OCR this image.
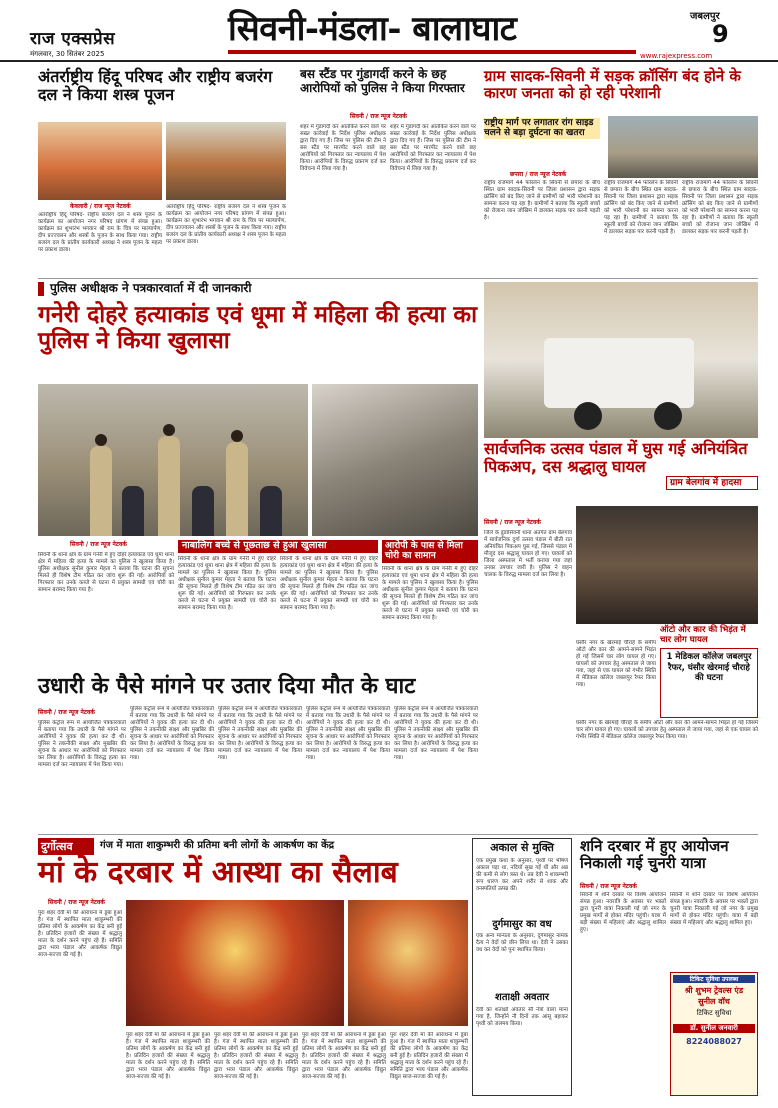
राज एक्सप्रेस
मंगलवार, 30 सितंबर 2025
सिवनी-मंडला- बालाघाट	जबलपुर
9
www.rajexpress.com
अंतर्राष्ट्रीय हिंदू परिषद और राष्ट्रीय बजरंग दल ने किया शस्त्र पूजन
केवलारी / राज न्यूज नेटवर्क
अंतर्राष्ट्रीय हिंदू परिषद- राष्ट्रीय बजरंग दल ने शस्त्र पूजन के कार्यक्रम का आयोजन नगर परिषद प्रांगण में संपन्न हुआ। कार्यक्रम का शुभारंभ भगवान श्री राम के चित्र पर माल्यार्पण, दीप प्रज्ज्वलन और शस्त्रों के पूजन के साथ किया गया। राष्ट्रीय बजरंग दल के प्रांतीय कार्यकारी अध्यक्ष ने शस्त्र पूजन के महत्व पर प्रकाश डाला।
अंतर्राष्ट्रीय हिंदू परिषद- राष्ट्रीय बजरंग दल ने शस्त्र पूजन के कार्यक्रम का आयोजन नगर परिषद प्रांगण में संपन्न हुआ। कार्यक्रम का शुभारंभ भगवान श्री राम के चित्र पर माल्यार्पण, दीप प्रज्ज्वलन और शस्त्रों के पूजन के साथ किया गया। राष्ट्रीय बजरंग दल के प्रांतीय कार्यकारी अध्यक्ष ने शस्त्र पूजन के महत्व पर प्रकाश डाला।
बस स्टैंड पर गुंडागर्दी करने के छह आरोपियों को पुलिस ने किया गिरफ्तार
सिवनी / राज न्यूज नेटवर्क
शहर में गुंडागर्दी कर आतंकित करने वाले पर सख्त कार्रवाई के निर्देश पुलिस अधीक्षक द्वारा दिए गए हैं। जिस पर पुलिस की टीम ने बस स्टैंड पर मारपीट करने वाले छह आरोपियों को गिरफ्तार कर न्यायालय में पेश किया। आरोपियों के विरुद्ध प्रकरण दर्ज कर विवेचना में लिया गया है।
शहर में गुंडागर्दी कर आतंकित करने वाले पर सख्त कार्रवाई के निर्देश पुलिस अधीक्षक द्वारा दिए गए हैं। जिस पर पुलिस की टीम ने बस स्टैंड पर मारपीट करने वाले छह आरोपियों को गिरफ्तार कर न्यायालय में पेश किया। आरोपियों के विरुद्ध प्रकरण दर्ज कर विवेचना में लिया गया है।
ग्राम सादक-सिवनी में सड़क क्रॉसिंग बंद होने के कारण जनता को हो रही परेशानी
राष्ट्रीय मार्ग पर लगातार रांग साइड चलने से बड़ा दुर्घटना का खतरा
छपारा / राज न्यूज नेटवर्क
राष्ट्रीय राजमार्ग 44 फोरलेन के सिवनी से छपारा के बीच स्थित ग्राम सादक-सिवनी पर जिला प्रशासन द्वारा सड़क क्रॉसिंग को बंद किए जाने से ग्रामीणों को भारी परेशानी का सामना करना पड़ रहा है। ग्रामीणों ने बताया कि स्कूली बच्चों को रोजाना जान जोखिम में डालकर सड़क पार करनी पड़ती है।
राष्ट्रीय राजमार्ग 44 फोरलेन के सिवनी से छपारा के बीच स्थित ग्राम सादक-सिवनी पर जिला प्रशासन द्वारा सड़क क्रॉसिंग को बंद किए जाने से ग्रामीणों को भारी परेशानी का सामना करना पड़ रहा है। ग्रामीणों ने बताया कि स्कूली बच्चों को रोजाना जान जोखिम में डालकर सड़क पार करनी पड़ती है।
राष्ट्रीय राजमार्ग 44 फोरलेन के सिवनी से छपारा के बीच स्थित ग्राम सादक-सिवनी पर जिला प्रशासन द्वारा सड़क क्रॉसिंग को बंद किए जाने से ग्रामीणों को भारी परेशानी का सामना करना पड़ रहा है। ग्रामीणों ने बताया कि स्कूली बच्चों को रोजाना जान जोखिम में डालकर सड़क पार करनी पड़ती है।
पुलिस अधीक्षक ने पत्रकारवार्ता में दी जानकारी
गनेरी दोहरे हत्याकांड एवं धूमा में महिला की हत्या का पुलिस ने किया खुलासा
सिवनी / राज न्यूज नेटवर्क
सिवनी के थाना क्षेत्र के ग्राम गनेरी में हुए दोहरे हत्याकांड एवं धूमा थाना क्षेत्र में महिला की हत्या के मामले का पुलिस ने खुलासा किया है। पुलिस अधीक्षक सुनील कुमार मेहता ने बताया कि घटना की सूचना मिलते ही विशेष टीम गठित कर जांच शुरू की गई। आरोपियों को गिरफ्तार कर उनके कब्जे से घटना में प्रयुक्त सामग्री एवं चोरी का सामान बरामद किया गया है।
नाबालिग बच्चे से पूछताछ से हुआ खुलासा
सिवनी के थाना क्षेत्र के ग्राम गनेरी में हुए दोहरे हत्याकांड एवं धूमा थाना क्षेत्र में महिला की हत्या के मामले का पुलिस ने खुलासा किया है। पुलिस अधीक्षक सुनील कुमार मेहता ने बताया कि घटना की सूचना मिलते ही विशेष टीम गठित कर जांच शुरू की गई। आरोपियों को गिरफ्तार कर उनके कब्जे से घटना में प्रयुक्त सामग्री एवं चोरी का सामान बरामद किया गया है।
सिवनी के थाना क्षेत्र के ग्राम गनेरी में हुए दोहरे हत्याकांड एवं धूमा थाना क्षेत्र में महिला की हत्या के मामले का पुलिस ने खुलासा किया है। पुलिस अधीक्षक सुनील कुमार मेहता ने बताया कि घटना की सूचना मिलते ही विशेष टीम गठित कर जांच शुरू की गई। आरोपियों को गिरफ्तार कर उनके कब्जे से घटना में प्रयुक्त सामग्री एवं चोरी का सामान बरामद किया गया है।
आरोपी के पास से मिला चोरी का सामान
सिवनी के थाना क्षेत्र के ग्राम गनेरी में हुए दोहरे हत्याकांड एवं धूमा थाना क्षेत्र में महिला की हत्या के मामले का पुलिस ने खुलासा किया है। पुलिस अधीक्षक सुनील कुमार मेहता ने बताया कि घटना की सूचना मिलते ही विशेष टीम गठित कर जांच शुरू की गई। आरोपियों को गिरफ्तार कर उनके कब्जे से घटना में प्रयुक्त सामग्री एवं चोरी का सामान बरामद किया गया है।
सार्वजनिक उत्सव पंडाल में घुस गई अनियंत्रित पिकअप, दस श्रद्धालु घायल
ग्राम बेलगांव में हादसा
सिवनी / राज न्यूज नेटवर्क
जिले के डूंडासिवनी थाना अंतर्गत ग्राम बेलगांव में सार्वजनिक दुर्गा उत्सव पंडाल में बीती रात अनियंत्रित पिकअप घुस गई, जिससे पंडाल में मौजूद दस श्रद्धालु घायल हो गए। घायलों को जिला अस्पताल में भर्ती कराया गया जहां उनका उपचार जारी है। पुलिस ने वाहन चालक के विरुद्ध मामला दर्ज कर लिया है।
ऑटो और कार की भिड़ंत में चार लोग घायल
घंसौर नगर के खेरमाई चौराहे के समीप ऑटो और कार की आमने-सामने भिड़ंत हो गई जिसमें चार लोग घायल हो गए। घायलों को उपचार हेतु अस्पताल ले जाया गया, जहां से एक घायल को गंभीर स्थिति में मेडिकल कॉलेज जबलपुर रैफर किया गया।
1 मेडिकल कॉलेज जबलपुर रैफर, घंसौर खेरमाई चौराहे की घटना
घंसौर नगर के खेरमाई चौराहे के समीप ऑटो और कार की आमने-सामने भिड़ंत हो गई जिसमें चार लोग घायल हो गए। घायलों को उपचार हेतु अस्पताल ले जाया गया, जहां से एक घायल को गंभीर स्थिति में मेडिकल कॉलेज जबलपुर रैफर किया गया।
उधारी के पैसे मांगने पर उतार दिया मौत के घाट
सिवनी / राज न्यूज नेटवर्क
पुलिस कंट्रोल रूम में आयोजित पत्रकारवार्ता में बताया गया कि उधारी के पैसे मांगने पर आरोपियों ने युवक की हत्या कर दी थी। पुलिस ने तकनीकी साक्ष्य और मुखबिर की सूचना के आधार पर आरोपियों को गिरफ्तार कर लिया है। आरोपियों के विरुद्ध हत्या का मामला दर्ज कर न्यायालय में पेश किया गया।
पुलिस कंट्रोल रूम में आयोजित पत्रकारवार्ता में बताया गया कि उधारी के पैसे मांगने पर आरोपियों ने युवक की हत्या कर दी थी। पुलिस ने तकनीकी साक्ष्य और मुखबिर की सूचना के आधार पर आरोपियों को गिरफ्तार कर लिया है। आरोपियों के विरुद्ध हत्या का मामला दर्ज कर न्यायालय में पेश किया गया।
पुलिस कंट्रोल रूम में आयोजित पत्रकारवार्ता में बताया गया कि उधारी के पैसे मांगने पर आरोपियों ने युवक की हत्या कर दी थी। पुलिस ने तकनीकी साक्ष्य और मुखबिर की सूचना के आधार पर आरोपियों को गिरफ्तार कर लिया है। आरोपियों के विरुद्ध हत्या का मामला दर्ज कर न्यायालय में पेश किया गया।
पुलिस कंट्रोल रूम में आयोजित पत्रकारवार्ता में बताया गया कि उधारी के पैसे मांगने पर आरोपियों ने युवक की हत्या कर दी थी। पुलिस ने तकनीकी साक्ष्य और मुखबिर की सूचना के आधार पर आरोपियों को गिरफ्तार कर लिया है। आरोपियों के विरुद्ध हत्या का मामला दर्ज कर न्यायालय में पेश किया गया।
पुलिस कंट्रोल रूम में आयोजित पत्रकारवार्ता में बताया गया कि उधारी के पैसे मांगने पर आरोपियों ने युवक की हत्या कर दी थी। पुलिस ने तकनीकी साक्ष्य और मुखबिर की सूचना के आधार पर आरोपियों को गिरफ्तार कर लिया है। आरोपियों के विरुद्ध हत्या का मामला दर्ज कर न्यायालय में पेश किया गया।
दुर्गोत्सव	गंज में माता शाकुम्भरी की प्रतिमा बनी लोगों के आकर्षण का केंद्र
मां के दरबार में आस्था का सैलाब
सिवनी / राज न्यूज नेटवर्क
पुरा शहर देवी मां की आराधना में डूबा हुआ है। गंज में स्थापित माता शाकुम्भरी की प्रतिमा लोगों के आकर्षण का केंद्र बनी हुई है। प्रतिदिन हजारों की संख्या में श्रद्धालु माता के दर्शन करने पहुंच रहे हैं। समिति द्वारा भव्य पंडाल और आकर्षक विद्युत साज-सज्जा की गई है।
पुरा शहर देवी मां की आराधना में डूबा हुआ है। गंज में स्थापित माता शाकुम्भरी की प्रतिमा लोगों के आकर्षण का केंद्र बनी हुई है। प्रतिदिन हजारों की संख्या में श्रद्धालु माता के दर्शन करने पहुंच रहे हैं। समिति द्वारा भव्य पंडाल और आकर्षक विद्युत साज-सज्जा की गई है।
पुरा शहर देवी मां की आराधना में डूबा हुआ है। गंज में स्थापित माता शाकुम्भरी की प्रतिमा लोगों के आकर्षण का केंद्र बनी हुई है। प्रतिदिन हजारों की संख्या में श्रद्धालु माता के दर्शन करने पहुंच रहे हैं। समिति द्वारा भव्य पंडाल और आकर्षक विद्युत साज-सज्जा की गई है।
पुरा शहर देवी मां की आराधना में डूबा हुआ है। गंज में स्थापित माता शाकुम्भरी की प्रतिमा लोगों के आकर्षण का केंद्र बनी हुई है। प्रतिदिन हजारों की संख्या में श्रद्धालु माता के दर्शन करने पहुंच रहे हैं। समिति द्वारा भव्य पंडाल और आकर्षक विद्युत साज-सज्जा की गई है।
पुरा शहर देवी मां की आराधना में डूबा हुआ है। गंज में स्थापित माता शाकुम्भरी की प्रतिमा लोगों के आकर्षण का केंद्र बनी हुई है। प्रतिदिन हजारों की संख्या में श्रद्धालु माता के दर्शन करने पहुंच रहे हैं। समिति द्वारा भव्य पंडाल और आकर्षक विद्युत साज-सज्जा की गई है।
अकाल से मुक्ति
एक प्रमुख कथा के अनुसार, पृथ्वी पर भीषण अकाल पड़ा था, नदियाँ सूख गईं थीं और अन्न की कमी से लोग त्रस्त थे। तब देवी ने शाकम्भरी रूप धारण कर अपने शरीर से शाक और वनस्पतियाँ उत्पन्न कीं।
दुर्गमासुर का वध
एक अन्य मान्यता के अनुसार, दुर्गमासुर नामक दैत्य ने वेदों को छीन लिया था। देवी ने उसका वध कर वेदों को पुनः स्थापित किया।
शताक्षी अवतार
देवी का शताक्षी अवतार सौ नेत्रों वाला माना गया है, जिन्होंने नौ दिनों तक आंसू बहाकर पृथ्वी को जलमय किया।
शनि दरबार में हुए आयोजन निकाली गई चुनरी यात्रा
सिवनी / राज न्यूज नेटवर्क
सिवनी में शनि दरबार पर विशेष आयोजन संपन्न हुआ। नवरात्रि के अवसर पर भक्तों द्वारा चुनरी यात्रा निकाली गई जो नगर के प्रमुख मार्गों से होकर मंदिर पहुंची। यात्रा में बड़ी संख्या में महिलाएं और श्रद्धालु शामिल हुए।
सिवनी में शनि दरबार पर विशेष आयोजन संपन्न हुआ। नवरात्रि के अवसर पर भक्तों द्वारा चुनरी यात्रा निकाली गई जो नगर के प्रमुख मार्गों से होकर मंदिर पहुंची। यात्रा में बड़ी संख्या में महिलाएं और श्रद्धालु शामिल हुए।
टिकिट सुविधा उपलब्ध
श्री शुभम ट्रेवल्स एंड
सुनील वॉच
टिकिट सुविधा
डॉ. सुनील जनवारी
8224088027
